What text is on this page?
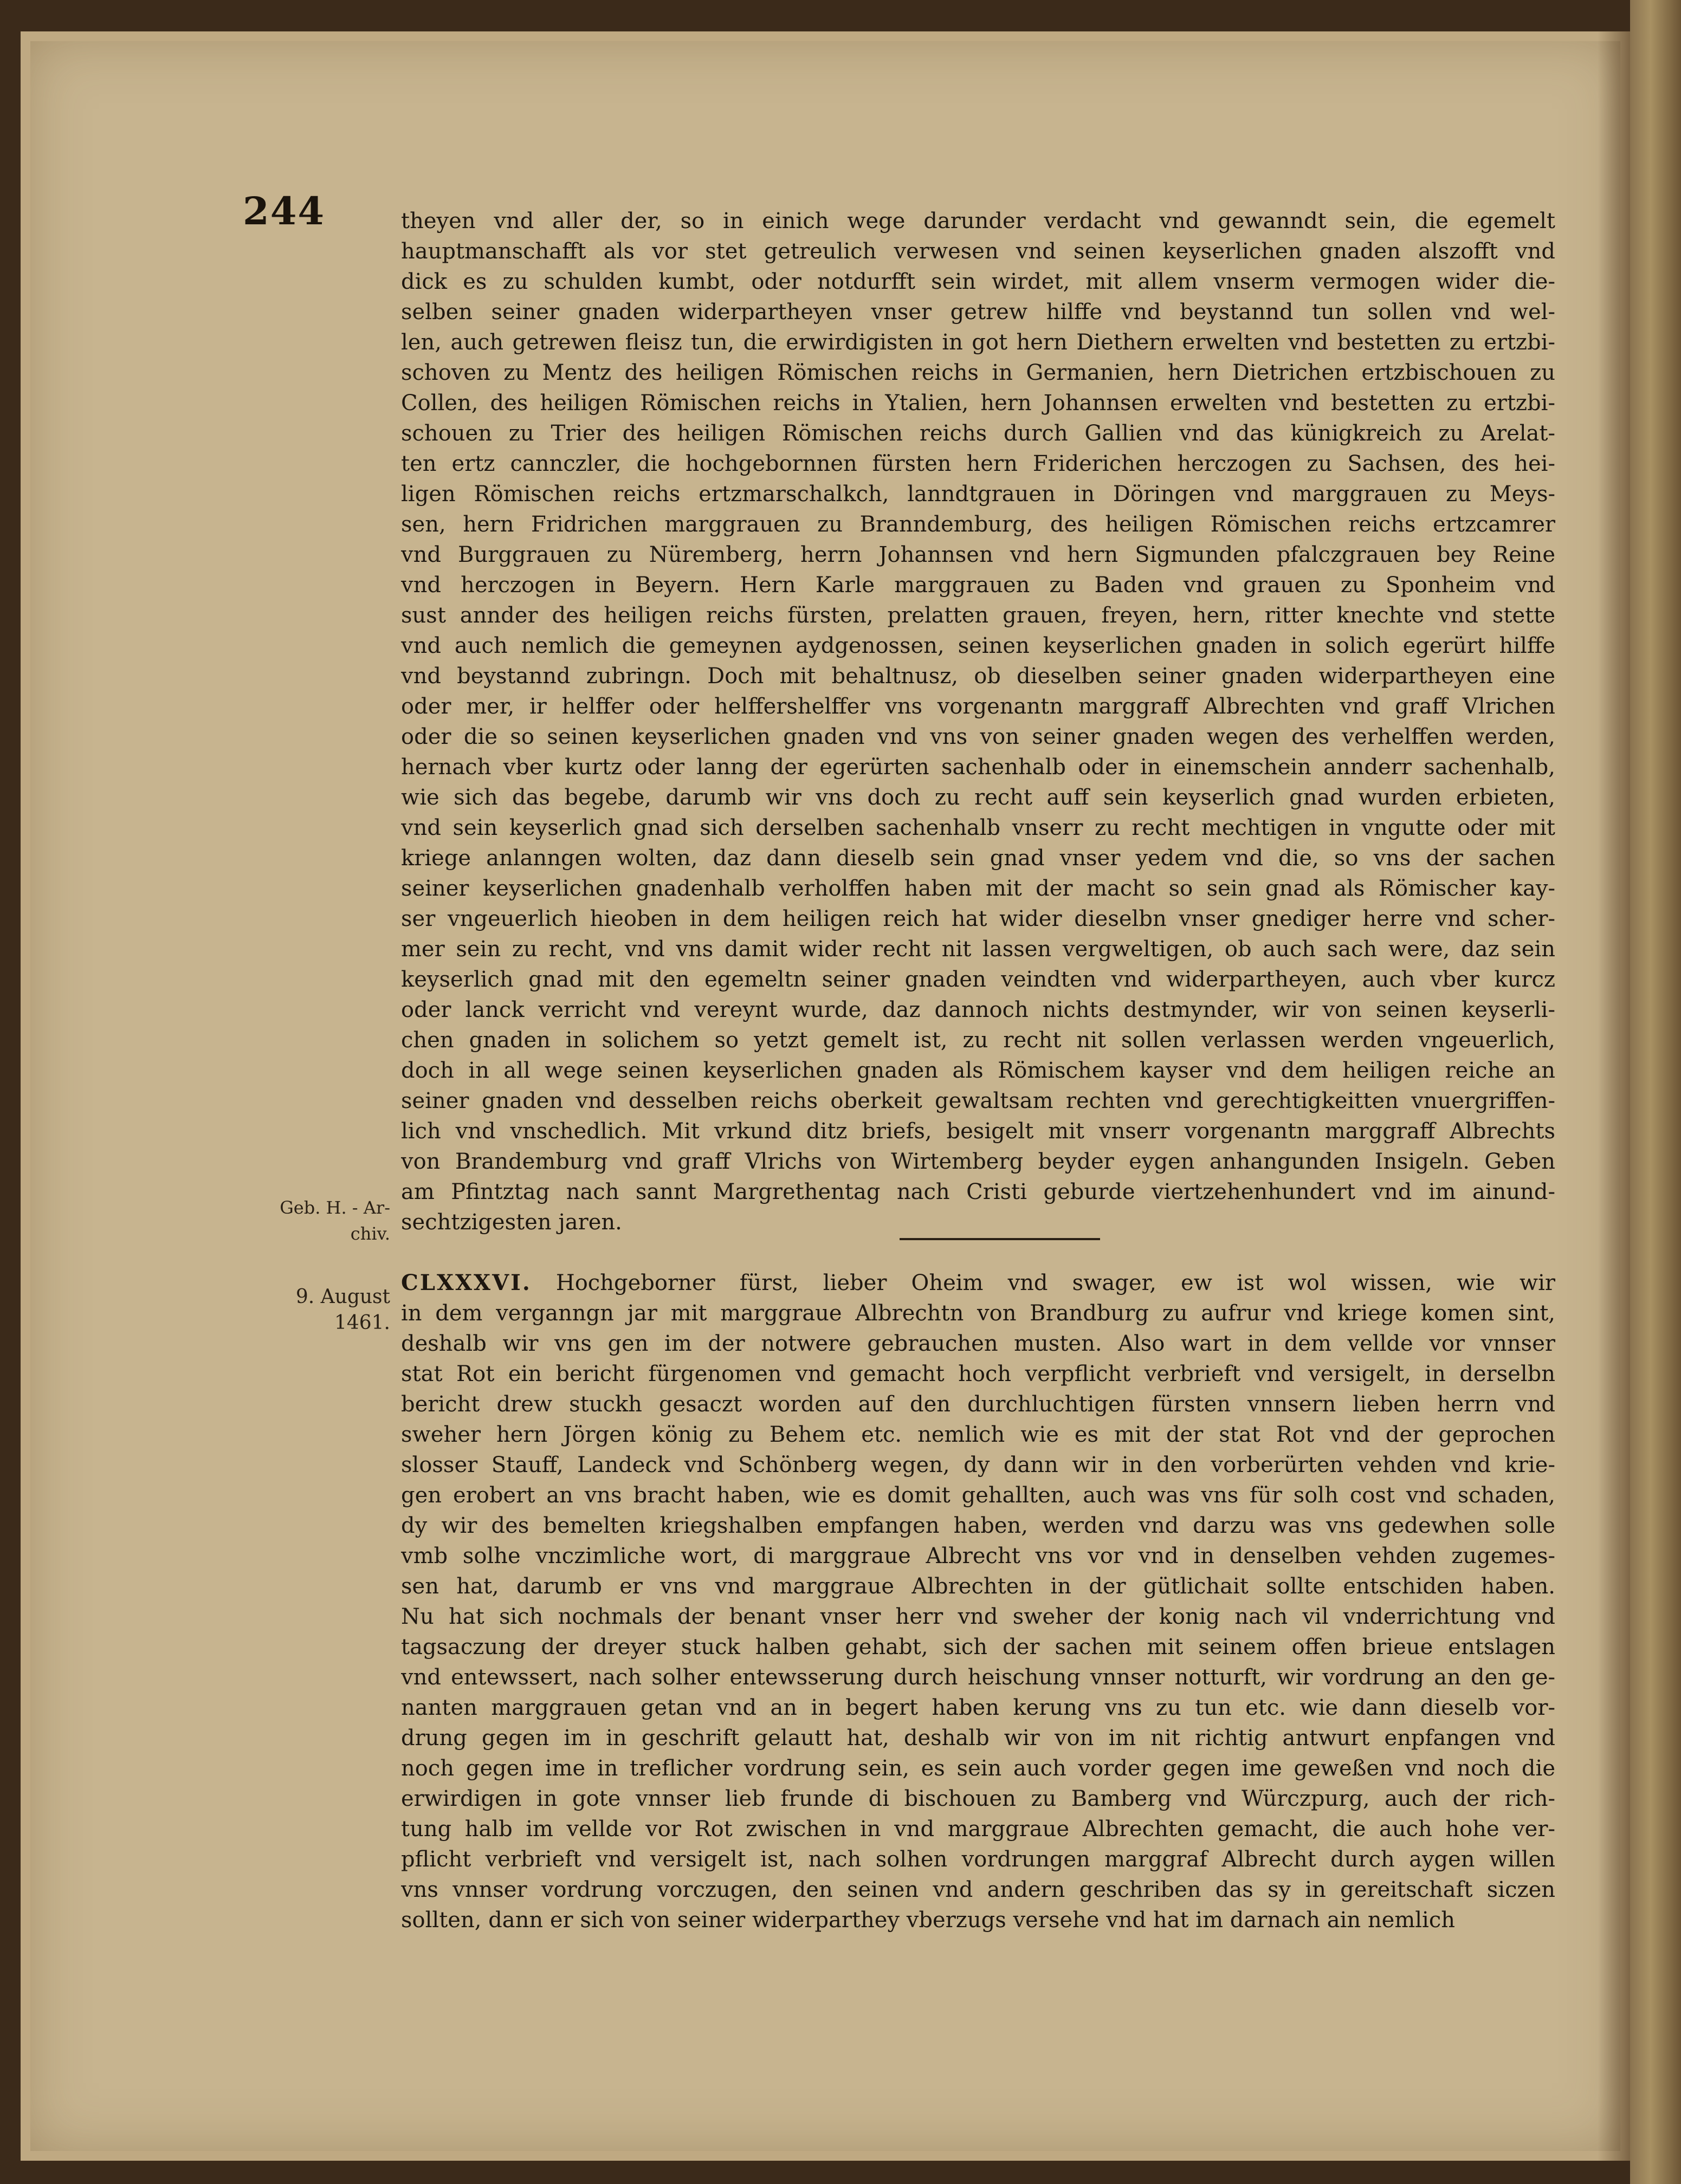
244	theyen vnd aller der, so in einich wege darunder verdacht vnd gewanndt sein, die egemelt
hauptmanschafft als vor stet getreulich verwesen vnd seinen keyserlichen gnaden alszofft vnd
dick es zu schulden kumbt, oder notdurfft sein wirdet, mit allem vnserm vermogen wider die-
selben seiner gnaden widerpartheyen vnser getrew hilffe vnd beystannd tun sollen vnd wel-
len, auch getrewen fleisz tun, die erwirdigisten in got hern Diethern erwelten vnd bestetten zu ertzbi-
schoven zu Mentz des heiligen Römischen reichs in Germanien, hern Dietrichen ertzbischouen zu
Collen, des heiligen Römischen reichs in Ytalien, hern Johannsen erwelten vnd bestetten zu ertzbi-
schouen zu Trier des heiligen Römischen reichs durch Gallien vnd das künigkreich zu Arelat-
ten ertz cannczler, die hochgebornnen fürsten hern Friderichen herczogen zu Sachsen, des hei-
ligen Römischen reichs ertzmarschalkch, lanndtgrauen in Döringen vnd marggrauen zu Meys-
sen, hern Fridrichen marggrauen zu Branndemburg, des heiligen Römischen reichs ertzcamrer
vnd Burggrauen zu Nüremberg, herrn Johannsen vnd hern Sigmunden pfalczgrauen bey Reine
vnd herczogen in Beyern. Hern Karle marggrauen zu Baden vnd grauen zu Sponheim vnd
sust annder des heiligen reichs fürsten, prelatten grauen, freyen, hern, ritter knechte vnd stette
vnd auch nemlich die gemeynen aydgenossen, seinen keyserlichen gnaden in solich egerürt hilffe
vnd beystannd zubringn. Doch mit behaltnusz, ob dieselben seiner gnaden widerpartheyen eine
oder mer, ir helffer oder helffershelffer vns vorgenantn marggraff Albrechten vnd graff Vlrichen
oder die so seinen keyserlichen gnaden vnd vns von seiner gnaden wegen des verhelffen werden,
hernach vber kurtz oder lanng der egerürten sachenhalb oder in einemschein annderr sachenhalb,
wie sich das begebe, darumb wir vns doch zu recht auff sein keyserlich gnad wurden erbieten,
vnd sein keyserlich gnad sich derselben sachenhalb vnserr zu recht mechtigen in vngutte oder mit
kriege anlanngen wolten, daz dann dieselb sein gnad vnser yedem vnd die, so vns der sachen
seiner keyserlichen gnadenhalb verholffen haben mit der macht so sein gnad als Römischer kay-
ser vngeuerlich hieoben in dem heiligen reich hat wider dieselbn vnser gnediger herre vnd scher-
mer sein zu recht, vnd vns damit wider recht nit lassen vergweltigen, ob auch sach were, daz sein
keyserlich gnad mit den egemeltn seiner gnaden veindten vnd widerpartheyen, auch vber kurcz
oder lanck verricht vnd vereynt wurde, daz dannoch nichts destmynder, wir von seinen keyserli-
chen gnaden in solichem so yetzt gemelt ist, zu recht nit sollen verlassen werden vngeuerlich,
doch in all wege seinen keyserlichen gnaden als Römischem kayser vnd dem heiligen reiche an
seiner gnaden vnd desselben reichs oberkeit gewaltsam rechten vnd gerechtigkeitten vnuergriffen-
lich vnd vnschedlich. Mit vrkund ditz briefs, besigelt mit vnserr vorgenantn marggraff Albrechts
von Brandemburg vnd graff Vlrichs von Wirtemberg beyder eygen anhangunden Insigeln. Geben
am Pfintztag nach sannt Margrethentag nach Cristi geburde viertzehenhundert vnd im ainund-
sechtzigesten jaren.
Geb. H. - Ar- chiv.
9. August 1461.
CLXXXVI. Hochgeborner fürst, lieber Oheim vnd swager, ew ist wol wissen, wie wir
in dem verganngn jar mit marggraue Albrechtn von Brandburg zu aufrur vnd kriege komen sint,
deshalb wir vns gen im der notwere gebrauchen musten. Also wart in dem vellde vor vnnser
stat Rot ein bericht fürgenomen vnd gemacht hoch verpflicht verbrieft vnd versigelt, in derselbn
bericht drew stuckh gesaczt worden auf den durchluchtigen fürsten vnnsern lieben herrn vnd
sweher hern Jörgen könig zu Behem etc. nemlich wie es mit der stat Rot vnd der geprochen
slosser Stauff, Landeck vnd Schönberg wegen, dy dann wir in den vorberürten vehden vnd krie-
gen erobert an vns bracht haben, wie es domit gehallten, auch was vns für solh cost vnd schaden,
dy wir des bemelten kriegshalben empfangen haben, werden vnd darzu was vns gedewhen solle
vmb solhe vnczimliche wort, di marggraue Albrecht vns vor vnd in denselben vehden zugemes-
sen hat, darumb er vns vnd marggraue Albrechten in der gütlichait sollte entschiden haben.
Nu hat sich nochmals der benant vnser herr vnd sweher der konig nach vil vnderrichtung vnd
tagsaczung der dreyer stuck halben gehabt, sich der sachen mit seinem offen brieue entslagen
vnd entewssert, nach solher entewsserung durch heischung vnnser notturft, wir vordrung an den ge-
nanten marggrauen getan vnd an in begert haben kerung vns zu tun etc. wie dann dieselb vor-
drung gegen im in geschrift gelautt hat, deshalb wir von im nit richtig antwurt enpfangen vnd
noch gegen ime in treflicher vordrung sein, es sein auch vorder gegen ime geweßen vnd noch die
erwirdigen in gote vnnser lieb frunde di bischouen zu Bamberg vnd Würczpurg, auch der rich-
tung halb im vellde vor Rot zwischen in vnd marggraue Albrechten gemacht, die auch hohe ver-
pflicht verbrieft vnd versigelt ist, nach solhen vordrungen marggraf Albrecht durch aygen willen
vns vnnser vordrung vorczugen, den seinen vnd andern geschriben das sy in gereitschaft siczen
sollten, dann er sich von seiner widerparthey vberzugs versehe vnd hat im darnach ain nemlich
